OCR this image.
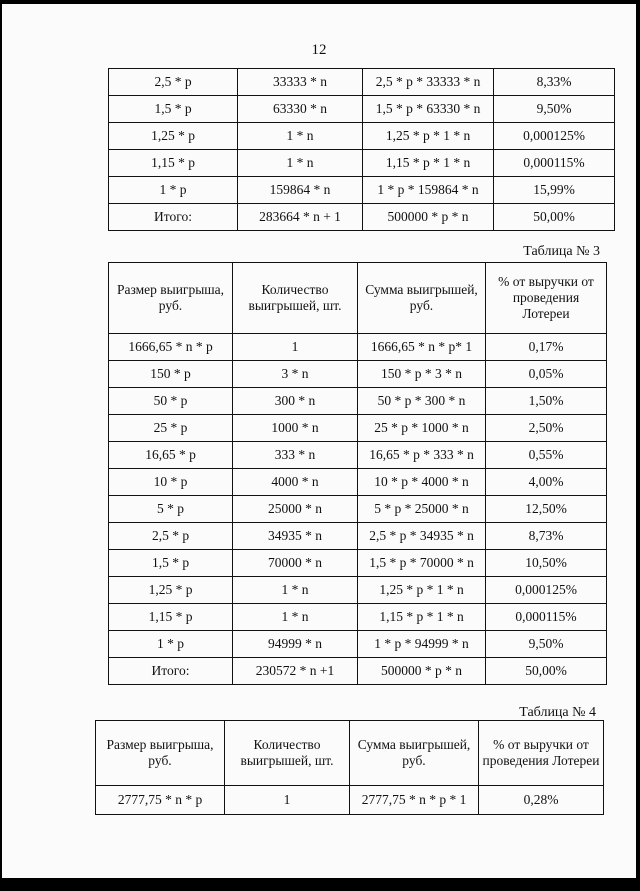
12
2,5 * p	33333 * n	2,5 * p * 33333 * n	8,33%
1,5 * p	63330 * n	1,5 * p * 63330 * n	9,50%
1,25 * p	1 * n	1,25 * p * 1 * n	0,000125%
1,15 * p	1 * n	1,15 * p * 1 * n	0,000115%
1 * p	159864 * n	1 * p * 159864 * n	15,99%
Итого:	283664 * n + 1	500000 * p * n	50,00%
Таблица № 3
Размер выигрыша, руб.	Количество выигрышей, шт.	Сумма выигрышей, руб.	% от выручки от проведения Лотереи
1666,65 * n * p	1	1666,65 * n * p* 1	0,17%
150 * p	3 * n	150 * p * 3 * n	0,05%
50 * p	300 * n	50 * p * 300 * n	1,50%
25 * p	1000 * n	25 * p * 1000 * n	2,50%
16,65 * p	333 * n	16,65 * p * 333 * n	0,55%
10 * p	4000 * n	10 * p * 4000 * n	4,00%
5 * p	25000 * n	5 * p * 25000 * n	12,50%
2,5 * p	34935 * n	2,5 * p * 34935 * n	8,73%
1,5 * p	70000 * n	1,5 * p * 70000 * n	10,50%
1,25 * p	1 * n	1,25 * p * 1 * n	0,000125%
1,15 * p	1 * n	1,15 * p * 1 * n	0,000115%
1 * p	94999 * n	1 * p * 94999 * n	9,50%
Итого:	230572 * n +1	500000 * p * n	50,00%
Таблица № 4
Размер выигрыша, руб.	Количество выигрышей, шт.	Сумма выигрышей, руб.	% от выручки от проведения Лотереи
2777,75 * n * p	1	2777,75 * n * p * 1	0,28%
